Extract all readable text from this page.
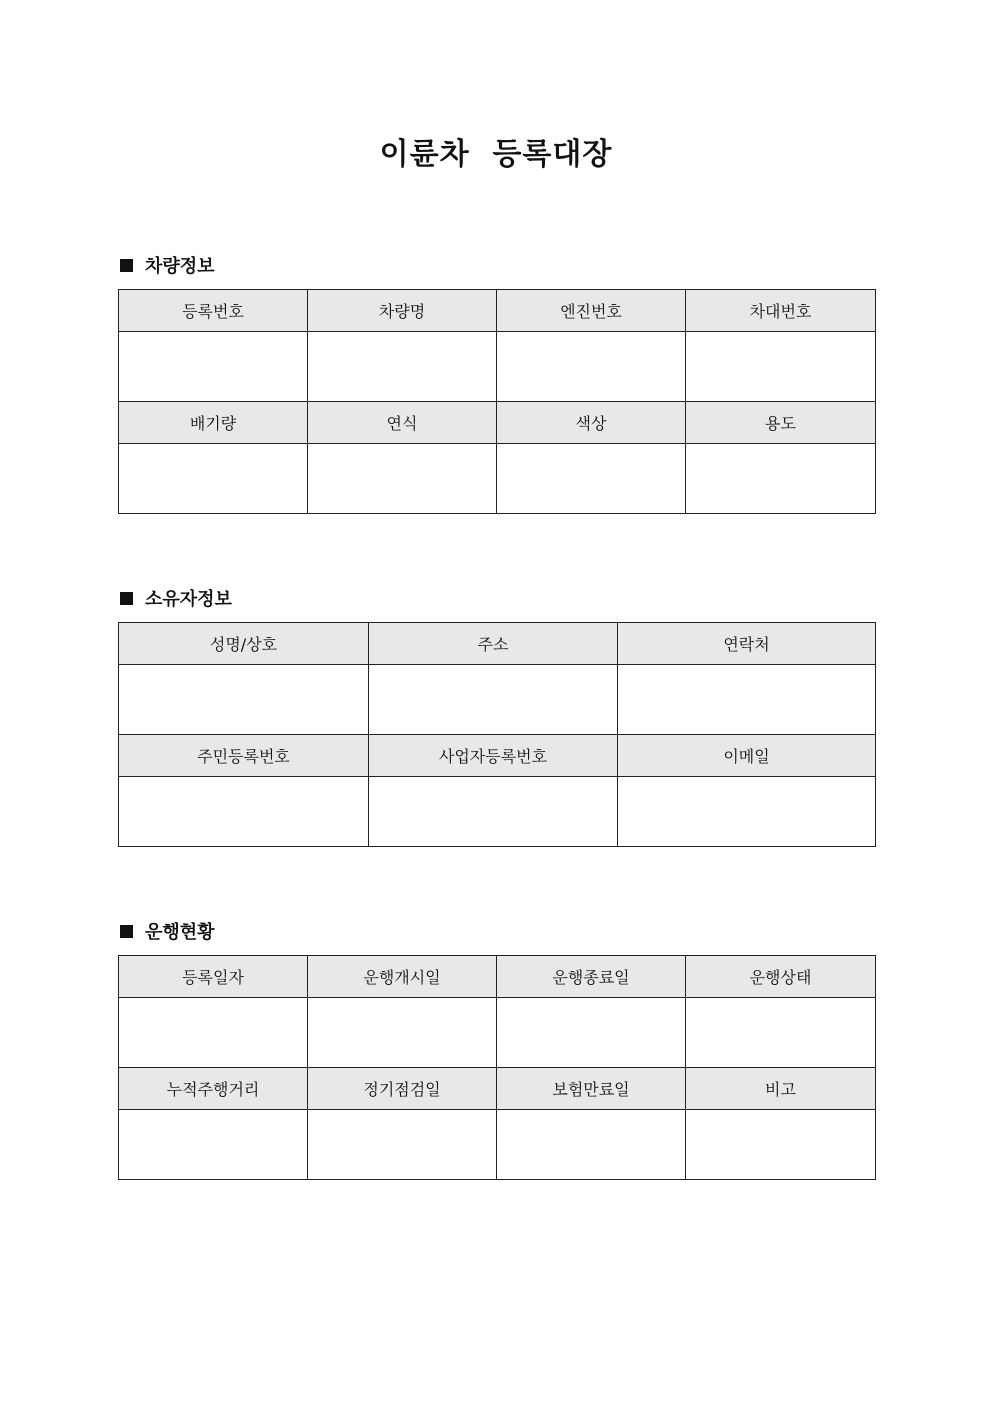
이륜차  등록대장
차량정보
등록번호	차량명	엔진번호	차대번호

배기량	연식	색상	용도

소유자정보
성명/상호	주소	연락처

주민등록번호	사업자등록번호	이메일

운행현황
등록일자	운행개시일	운행종료일	운행상태

누적주행거리	정기점검일	보험만료일	비고
